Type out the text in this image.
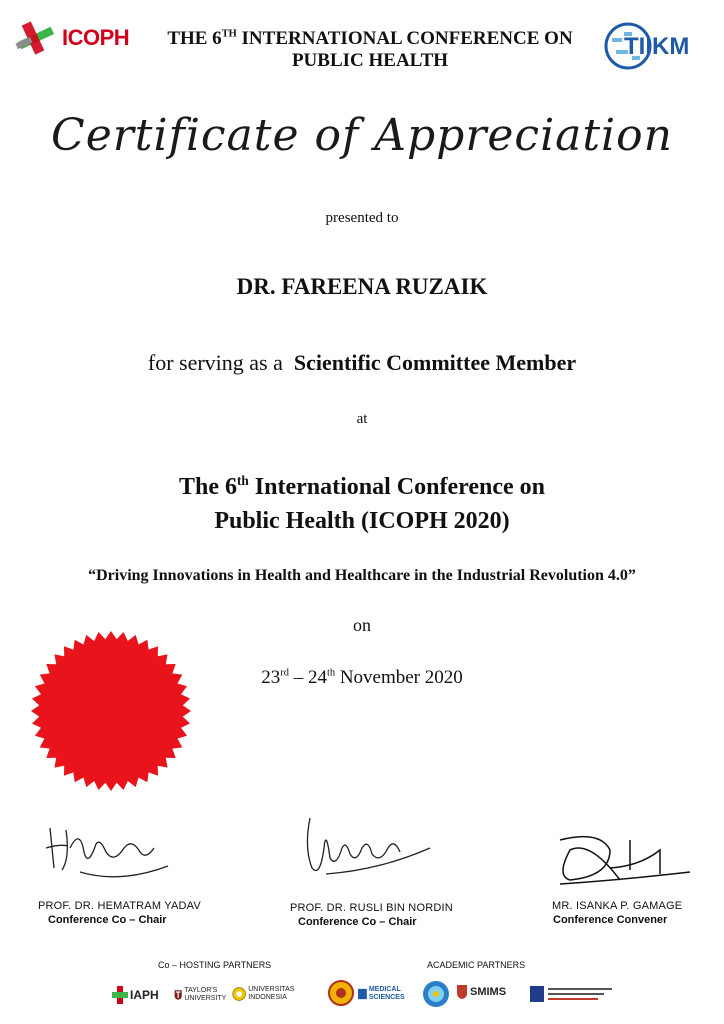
ICOPH	THE 6TH INTERNATIONAL CONFERENCE ON
PUBLIC HEALTH
TIIKM
Certificate of Appreciation
presented to
DR. FAREENA RUZAIK
for serving as a Scientific Committee Member
at
The 6th International Conference on
Public Health (ICOPH 2020)
“Driving Innovations in Health and Healthcare in the Industrial Revolution 4.0”
on
23rd – 24th November 2020
PROF. DR. HEMATRAM YADAV
Conference Co – Chair
PROF. DR. RUSLI BIN NORDIN
Conference Co – Chair
MR. ISANKA P. GAMAGE
Conference Convener
Co – HOSTING PARTNERS	ACADEMIC PARTNERS
IAPH	TAYLOR'S UNIVERSITY
UNIVERSITAS INDONESIA
MEDICAL SCIENCES	SMIMS
